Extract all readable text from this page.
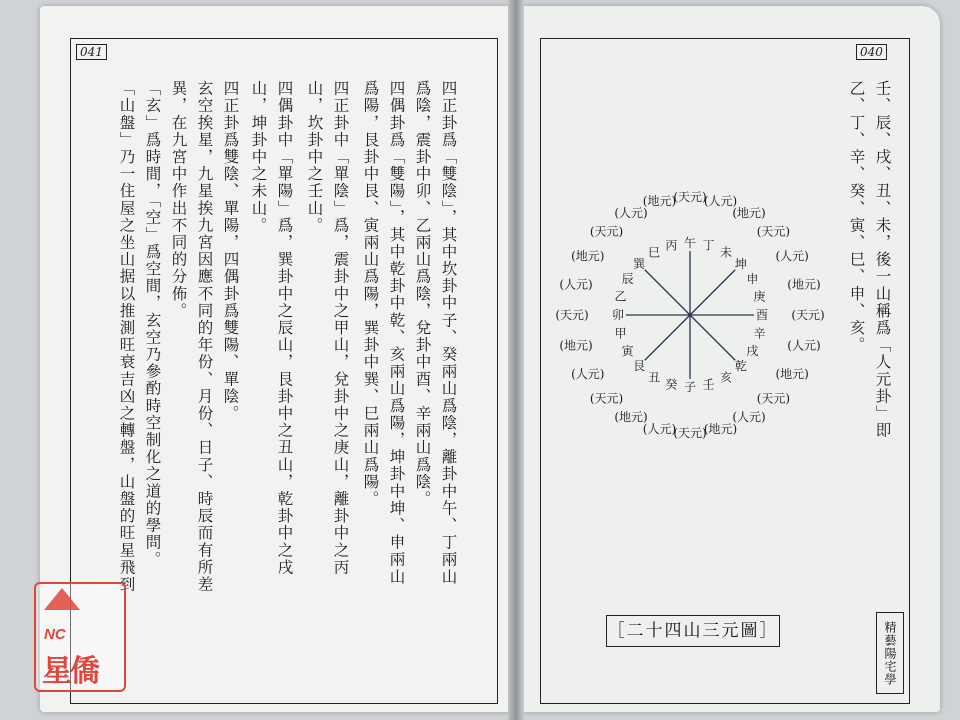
041	040
四正卦爲「雙陰」，其中坎卦中子、癸兩山爲陰，離卦中午、丁兩山
爲陰，震卦中卯、乙兩山爲陰，兌卦中酉、辛兩山爲陰。
四偶卦爲「雙陽」，其中乾卦中乾、亥兩山爲陽，坤卦中坤、申兩山
爲陽，艮卦中艮、寅兩山爲陽，巽卦中巽、巳兩山爲陽。
四正卦中「單陰」爲，震卦中之甲山，兌卦中之庚山，離卦中之丙
山，坎卦中之壬山。
四偶卦中「單陽」爲，巽卦中之辰山，艮卦中之丑山，乾卦中之戌
山，坤卦中之未山。
四正卦爲雙陰、單陽，四偶卦爲雙陽、單陰。
玄空挨星，九星挨九宮因應不同的年份、月份、日子、時辰而有所差
異，在九宮中作出不同的分佈。
「玄」爲時間，「空」爲空間，玄空乃參酌時空制化之道的學問。
「山盤」乃一住屋之坐山据以推測旺衰吉凶之轉盤，山盤的旺星飛到	壬、辰、戌、丑、未，後一山稱爲「人元卦」即
乙、丁、辛、癸、寅、巳、申、亥。
子
(天元)
癸
(人元)
丑
(地元)
艮
(天元)
寅
(人元)
甲
(地元)
卯
(天元)
乙
(人元) 辰
(地元)
巽
(天元)
巳
(人元)
丙
(地元)
午
(天元)
丁
(人元)
未
(地元)
坤
(天元)
申
(人元)
庚
(地元)
酉 (天元)
辛
(人元)
戌
(地元)
乾
(天元)
亥
(人元)
壬
(地元)
［二十四山三元圖］	精藝陽宅學
NC
星僑
